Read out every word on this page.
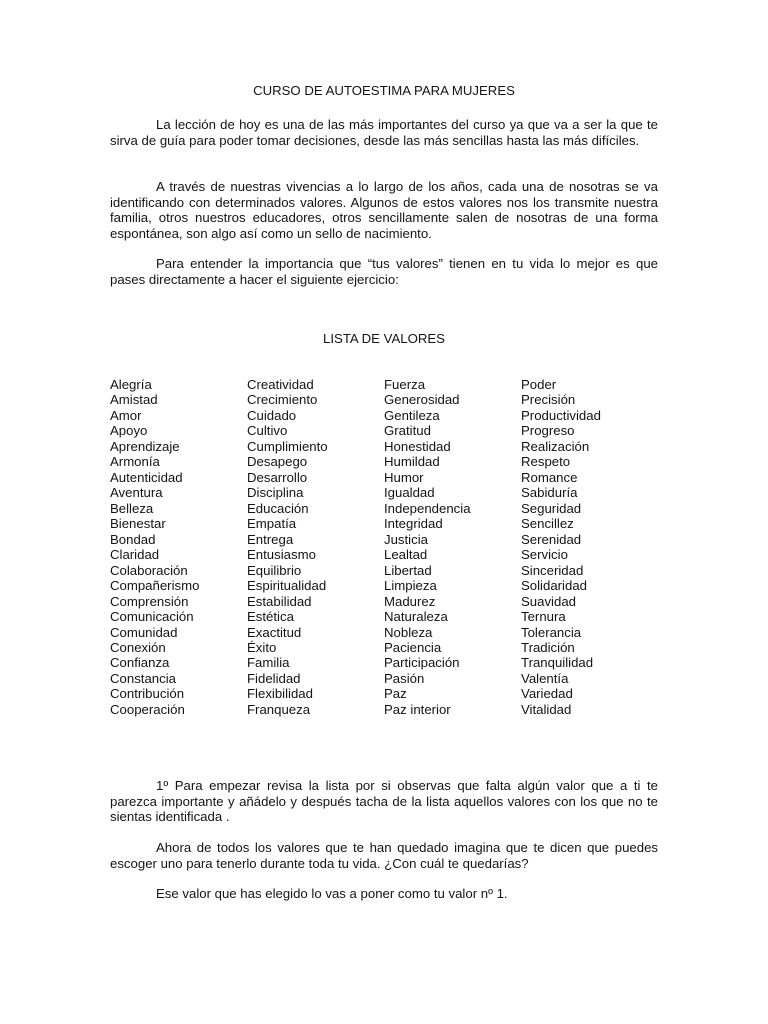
CURSO DE AUTOESTIMA PARA MUJERES

La lección de hoy es una de las más importantes del curso ya que va a ser la que te sirva de guía para poder tomar decisiones, desde las más sencillas hasta las más difíciles.

A través de nuestras vivencias a lo largo de los años, cada una de nosotras se va identificando con determinados valores. Algunos de estos valores nos los transmite nuestra familia, otros nuestros educadores, otros sencillamente salen de nosotras de una forma espontánea, son algo así como un sello de nacimiento.

Para entender la importancia que “tus valores” tienen en tu vida lo mejor es que pases directamente a hacer el siguiente ejercicio:

LISTA DE VALORES
Alegría
Amistad
Amor
Apoyo
Aprendizaje
Armonía
Autenticidad
Aventura
Belleza
Bienestar
Bondad
Claridad
Colaboración
Compañerismo
Comprensión
Comunicación
Comunidad
Conexión
Confianza
Constancia
Contribución
Cooperación
Creatividad
Crecimiento
Cuidado
Cultivo
Cumplimiento
Desapego
Desarrollo
Disciplina
Educación
Empatía
Entrega
Entusiasmo
Equilibrio
Espiritualidad
Estabilidad
Estética
Exactitud
Éxito
Familia
Fidelidad
Flexibilidad
Franqueza
Fuerza
Generosidad
Gentileza
Gratitud
Honestidad
Humildad
Humor
Igualdad
Independencia
Integridad
Justicia
Lealtad
Libertad
Limpieza
Madurez
Naturaleza
Nobleza
Paciencia
Participación
Pasión
Paz
Paz interior
Poder
Precisión
Productividad
Progreso
Realización
Respeto
Romance
Sabiduría
Seguridad
Sencillez
Serenidad
Servicio
Sinceridad
Solidaridad
Suavidad
Ternura
Tolerancia
Tradición
Tranquilidad
Valentía
Variedad
Vitalidad

1º Para empezar revisa la lista por si observas que falta algún valor que a ti te parezca importante y añádelo y después tacha de la lista aquellos valores con los que no te sientas identificada .

Ahora de todos los valores que te han quedado imagina que te dicen que puedes escoger uno para tenerlo durante toda tu vida. ¿Con cuál te quedarías?

Ese valor que has elegido lo vas a poner como tu valor nº 1.
